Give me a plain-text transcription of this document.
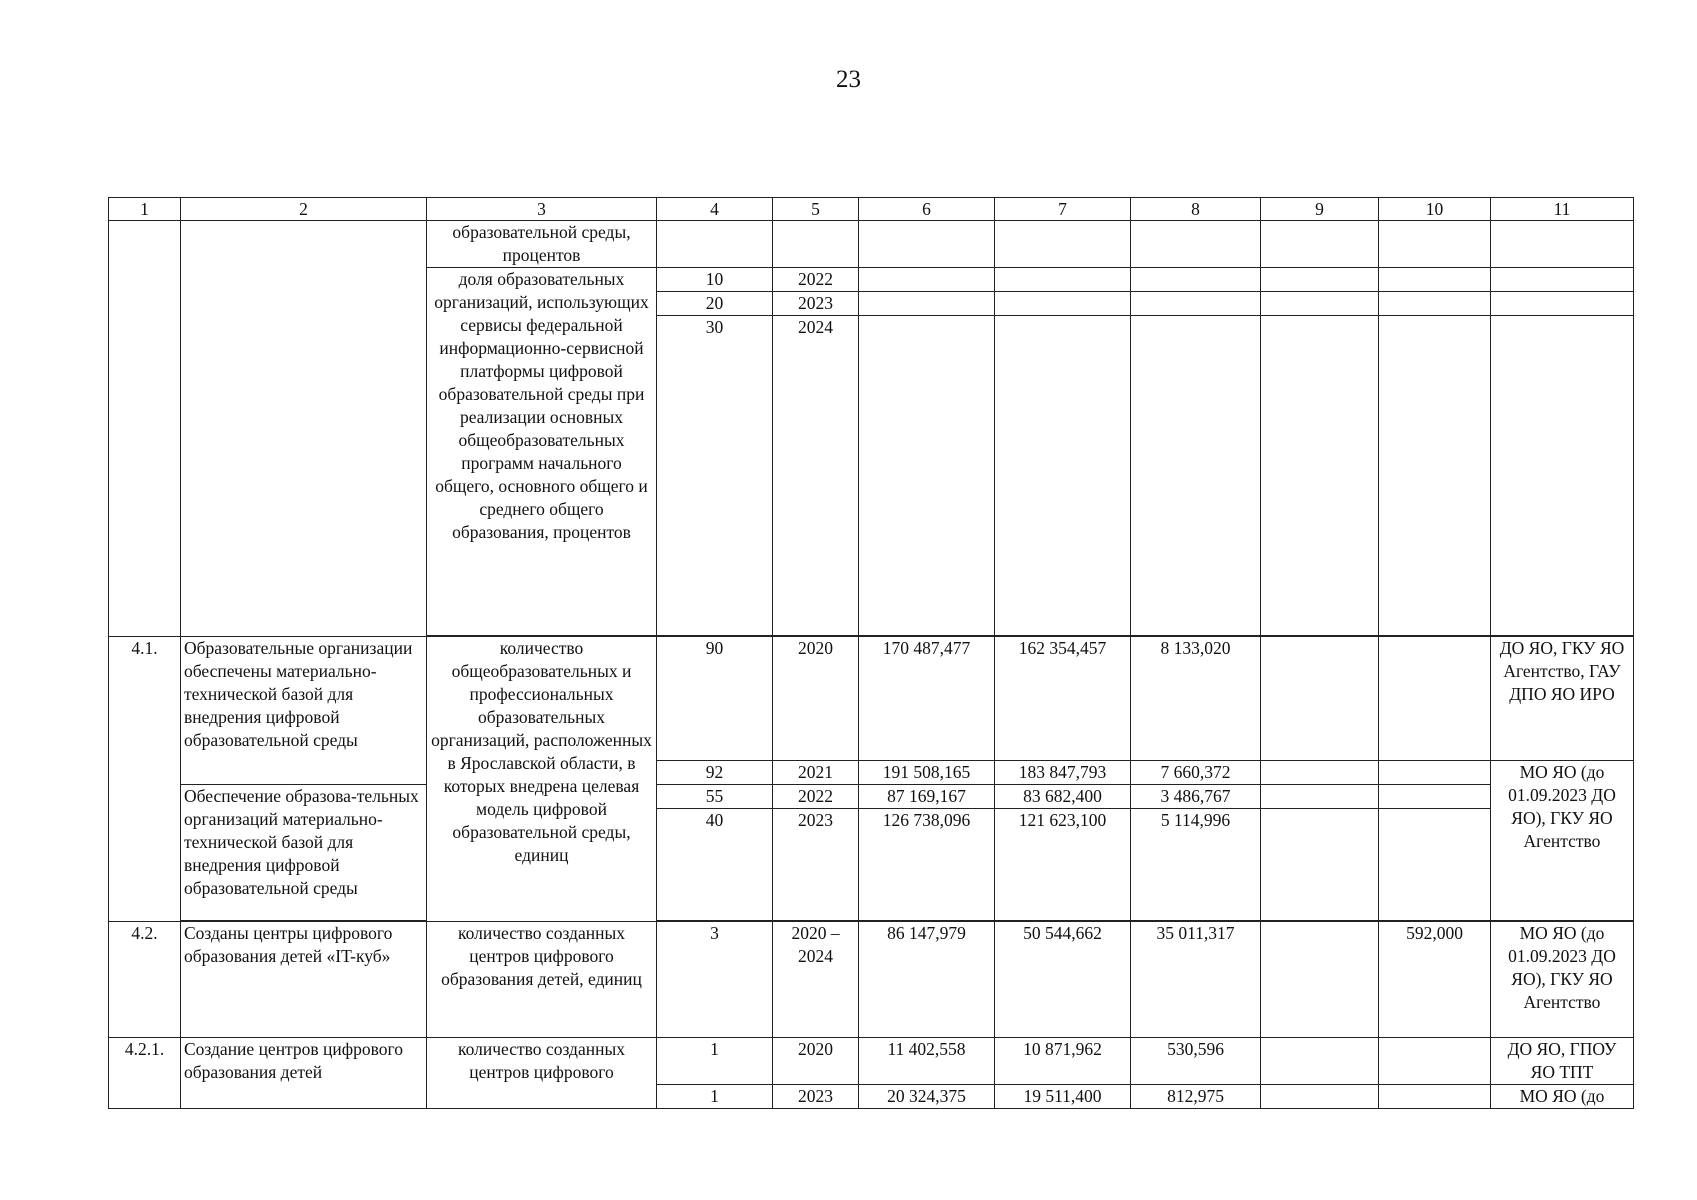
23
1	2	3	4	5	6	7	8	9	10	11
		образовательной среды, процентов								
		доля образовательных организаций, использующих сервисы федеральной информационно-сервисной платформы цифровой образовательной среды при реализации основных общеобразовательных программ начального общего, основного общего и среднего общего образования, процентов	10	2022						
			20	2023						
			30	2024						

4.1.	Образовательные организации обеспечены материально-технической базой для внедрения цифровой образовательной среды	количество общеобразовательных и профессиональных образовательных организаций, расположенных в Ярославской области, в которых внедрена целевая модель цифровой образовательной среды, единиц	90	2020	170 487,477	162 354,457	8 133,020			ДО ЯО, ГКУ ЯО Агентство, ГАУ ДПО ЯО ИРО
			92	2021	191 508,165	183 847,793	7 660,372			МО ЯО (до 01.09.2023 ДО ЯО), ГКУ ЯО Агентство
	Обеспечение образова-тельных организаций материально-технической базой для внедрения цифровой образовательной среды		55	2022	87 169,167	83 682,400	3 486,767			
			40	2023	126 738,096	121 623,100	5 114,996			

4.2.	Созданы центры цифрового образования детей «IT-куб»	количество созданных центров цифрового образования детей, единиц	3	2020 – 2024	86 147,979	50 544,662	35 011,317		592,000	МО ЯО (до 01.09.2023 ДО ЯО), ГКУ ЯО Агентство
4.2.1.	Создание центров цифрового образования детей	количество созданных центров цифрового	1	2020	11 402,558	10 871,962	530,596			ДО ЯО, ГПОУ ЯО ТПТ
			1	2023	20 324,375	19 511,400	812,975			МО ЯО (до
